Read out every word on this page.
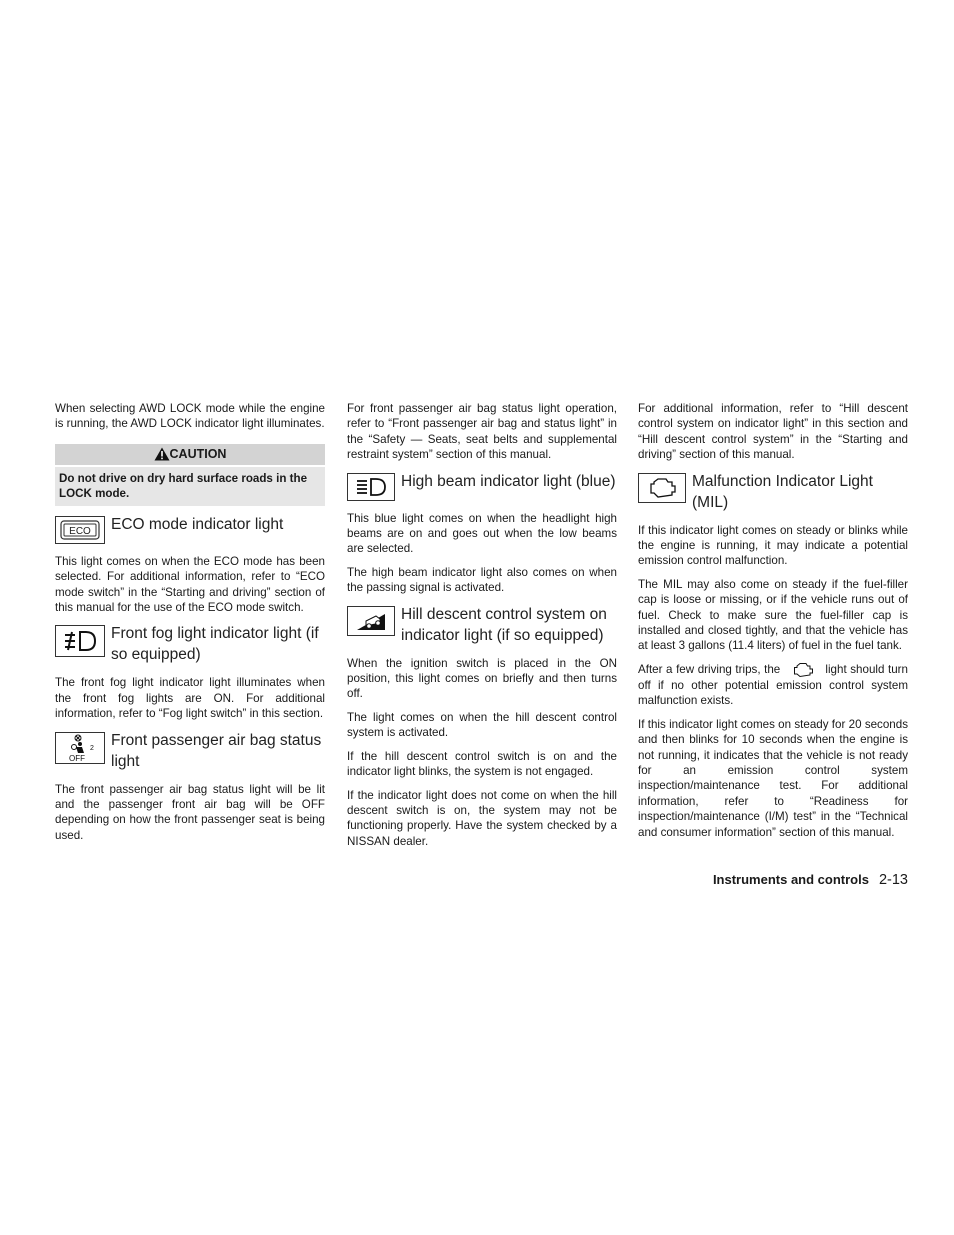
When selecting AWD LOCK mode while the engine is running, the AWD LOCK indicator light illuminates.

CAUTION
Do not drive on dry hard surface roads in the LOCK mode.
ECO ECO mode indicator light

This light comes on when the ECO mode has been selected. For additional information, refer to “ECO mode switch” in the “Starting and driving” section of this manual for the use of the ECO mode switch.

Front fog light indicator light (if so equipped)

The front fog light indicator light illuminates when the front fog lights are ON. For additional information, refer to “Fog light switch” in this section.

2
OFF
Front passenger air bag status light

The front passenger air bag status light will be lit and the passenger front air bag will be OFF depending on how the front passenger seat is being used.

For front passenger air bag status light operation, refer to “Front passenger air bag and status light” in the “Safety — Seats, seat belts and supplemental restraint system” section of this manual.

High beam indicator light (blue)

This blue light comes on when the headlight high beams are on and goes out when the low beams are selected.

The high beam indicator light also comes on when the passing signal is activated.

Hill descent control system on indicator light (if so equipped)

When the ignition switch is placed in the ON position, this light comes on briefly and then turns off.

The light comes on when the hill descent control system is activated.

If the hill descent control switch is on and the indicator light blinks, the system is not engaged.

If the indicator light does not come on when the hill descent switch is on, the system may not be functioning properly. Have the system checked by a NISSAN dealer.

For additional information, refer to “Hill descent control system on indicator light” in this section and “Hill descent control system” in the “Starting and driving” section of this manual.

Malfunction Indicator Light (MIL)

If this indicator light comes on steady or blinks while the engine is running, it may indicate a potential emission control malfunction.

The MIL may also come on steady if the fuel-filler cap is loose or missing, or if the vehicle runs out of fuel. Check to make sure the fuel-filler cap is installed and closed tightly, and that the vehicle has at least 3 gallons (11.4 liters) of fuel in the fuel tank.

After a few driving trips, the	light should turn off if no other potential emission control system malfunction exists.

If this indicator light comes on steady for 20 seconds and then blinks for 10 seconds when the engine is not running, it indicates that the vehicle is not ready for an emission control system inspection/maintenance test. For additional information, refer to “Readiness for inspection/maintenance (I/M) test” in the “Technical and consumer information” section of this manual.

Instruments and controls 2-13
